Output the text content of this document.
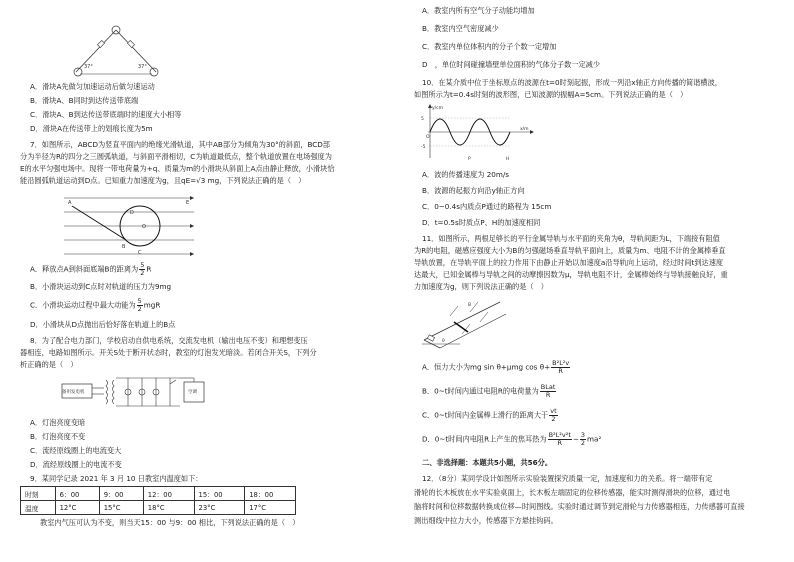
37°	37°
A．滑块A先做匀加速运动后做匀速运动
B．滑块A、B同时到达传送带底端
C．滑块A、B到达传送带底端时的速度大小相等
D．滑块A在传送带上的划痕长度为5m
7．如图所示，ABCD为竖直平面内的绝缘光滑轨道，其中AB部分为倾角为30°的斜面，BCD部
分为半径为R的四分之三圆弧轨道，与斜面平滑相切，C为轨道最低点，整个轨道放置在电场强度为
E的水平匀强电场中。现将一带电荷量为+q、质量为m的小滑块从斜面上A点由静止释放，小滑块恰
能沿圆弧轨道运动到D点。已知重力加速度为g，且qE=√3 mg，下列说法正确的是（　）
A
B
C
D
O
E
A．释放点A到斜面底端B的距离为 $\frac{5}{2}$ R
B．小滑块运动到C点时对轨道的压力为9mg
C．小滑块运动过程中最大动能为 $\frac{5}{2}$ mgR
D．小滑块从D点抛出后恰好落在轨道上的B点
8．为了配合电力部门，学校启动自供电系统，交流发电机（输出电压不变）和理想变压
器相连，电路如图所示。开关S处于断开状态时，教室的灯泡发光暗淡。若闭合开关S，下列分
析正确的是（　）
备用发电机	空调
A．灯泡亮度变暗
B．灯泡亮度不变
C．流经原线圈上的电流变大
D．流经原线圈上的电流不变
9．某同学记录 2021 年 3 月 10 日教室内温度如下：
时刻	6：00	9：00	12：00	15：00	18：00
温度	12°C	15°C	18°C	23°C	17°C
教室内气压可认为不变，则当天15：00 与9：00 相比，下列说法正确的是（　）
A．教室内所有空气分子动能均增加
B．教室内空气密度减少
C．教室内单位体积内的分子个数一定增加
D　，单位时间碰撞墙壁单位面积的气体分子数一定减少
10．在某介质中位于坐标原点的波源在t=0时刻起振，形成一列沿x轴正方向传播的简谐横波，
如图所示为t=0.4s时刻的波形图，已知波源的振幅A=5cm。下列说法正确的是（　）
y/cm
5
-5
x/m
O
P	H
A．波的传播速度为 20m/s
B．波源的起振方向沿y轴正方向
C．0~0.4s内质点P通过的路程为 15cm
D．t=0.5s时质点P、H的加速度相同
11．如图所示，两根足够长的平行金属导轨与水平面的夹角为θ，导轨间距为L，下端接有阻值
为R的电阻，磁感应强度大小为B的匀强磁场垂直导轨平面向上，质量为m、电阻不计的金属棒垂直
导轨放置，在导轨平面上的拉力作用下由静止开始以加速度a沿导轨向上运动，经过时间t到达速度
达最大，已知金属棒与导轨之间的动摩擦因数为μ，导轨电阻不计，金属棒始终与导轨接触良好，重
力加速度为g，则下列说法正确的是（　）
θ
B
A．恒力大小为mg sin θ+μmg $\cos \theta+ \frac{\text{B²L²v}}{R}$
B．0~t时间内通过电阻R的电荷量为 $\frac{\text{BLat}}{R}$
C．0~t时间内金属棒上滑行的距离大于 $\frac{vt}{2}$
D．0~t时间内电阻R上产生的焦耳热为 $\frac{\text{B²L²v²t}}{R} - \frac{3}{2} ma^2$
二、非选择题：本题共5小题，共56分。
12．（8分）某同学设计如图所示实验装置探究质量一定，加速度和力的关系。将一端带有定
滑轮的长木板放在水平实验桌面上，长木板左端固定的位移传感器，能实时测得滑块的位移，通过电
脑将时间和位移数据转换成位移—时间图线。实验时通过调节到定滑轮与力传感器相连，力传感器可直接
测出细线中拉力大小，传感器下方悬挂钩码。
